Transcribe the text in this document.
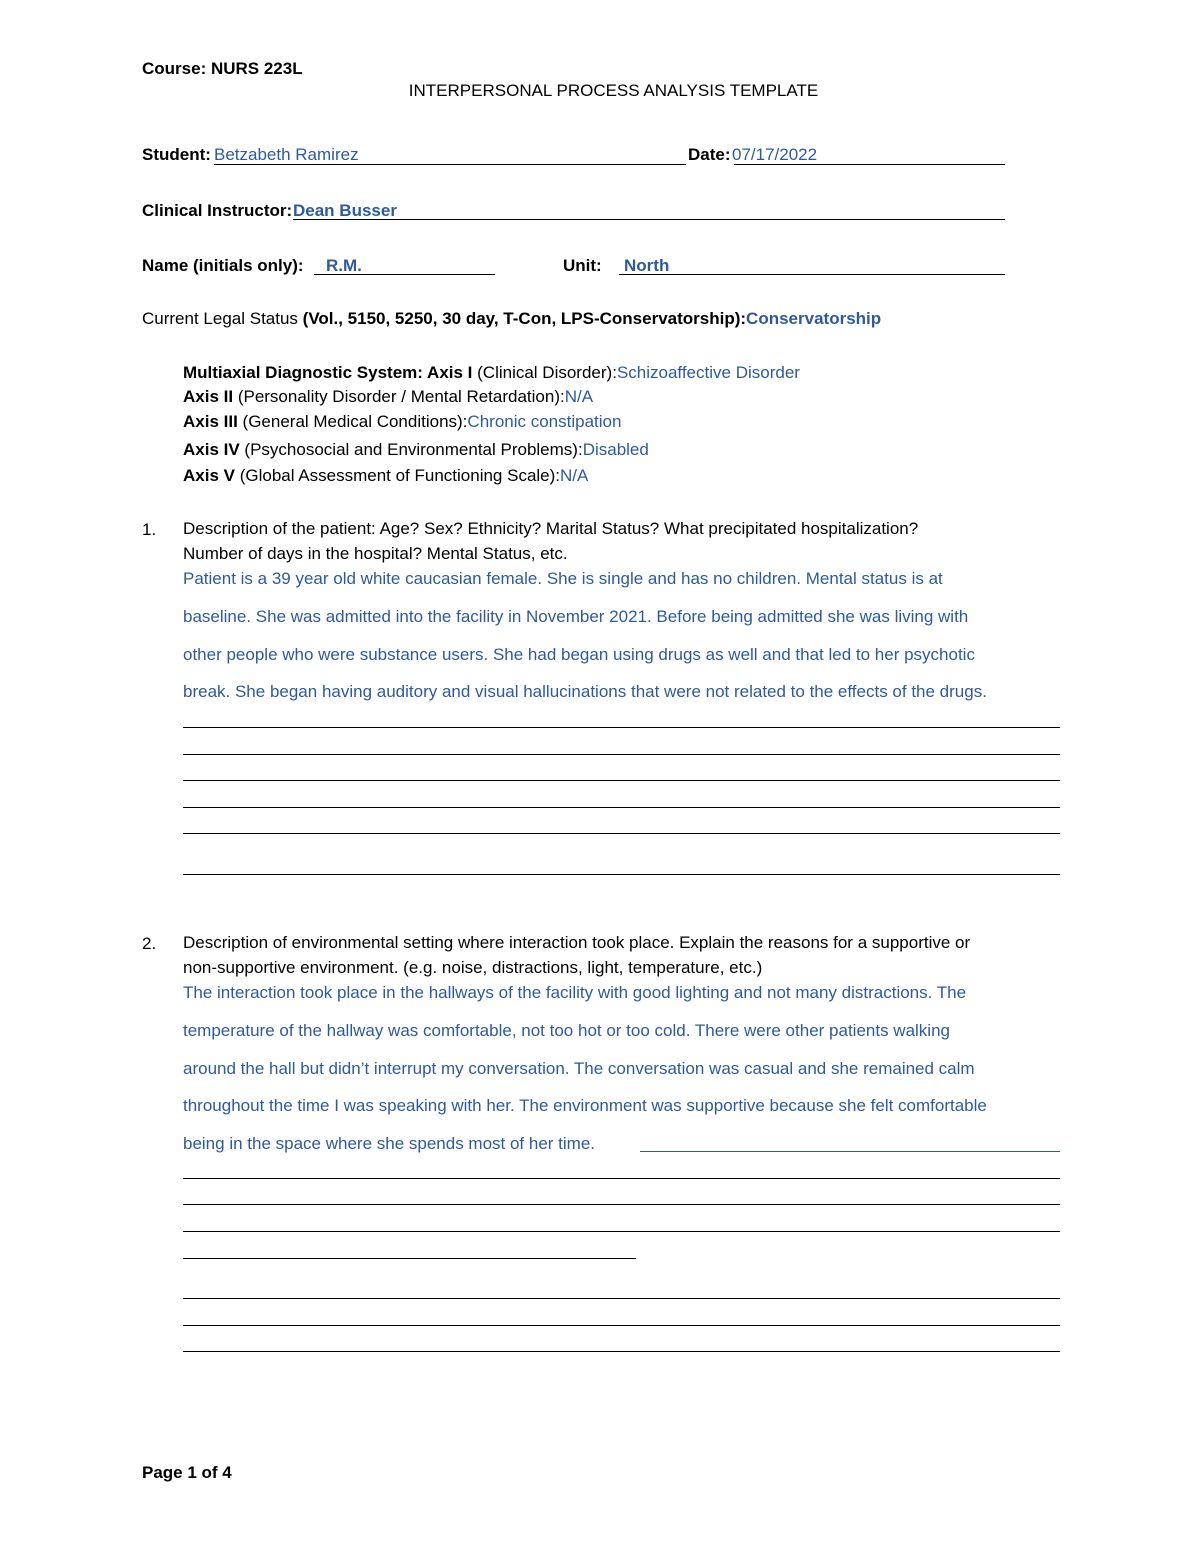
Course: NURS 223L
INTERPERSONAL PROCESS ANALYSIS TEMPLATE
Student: Betzabeth Ramirez	Date: 07/17/2022
Clinical Instructor: Dean Busser
Name (initials only): R.M.	Unit: North
Current Legal Status (Vol., 5150, 5250, 30 day, T-Con, LPS-Conservatorship):Conservatorship
Multiaxial Diagnostic System: Axis I (Clinical Disorder):Schizoaffective Disorder
Axis II (Personality Disorder / Mental Retardation):N/A
Axis III (General Medical Conditions):Chronic constipation
Axis IV (Psychosocial and Environmental Problems):Disabled
Axis V (Global Assessment of Functioning Scale):N/A
1. Description of the patient: Age? Sex? Ethnicity? Marital Status? What precipitated hospitalization?
Number of days in the hospital? Mental Status, etc.
Patient is a 39 year old white caucasian female. She is single and has no children. Mental status is at
baseline. She was admitted into the facility in November 2021. Before being admitted she was living with
other people who were substance users. She had began using drugs as well and that led to her psychotic
break. She began having auditory and visual hallucinations that were not related to the effects of the drugs.
2. Description of environmental setting where interaction took place. Explain the reasons for a supportive or
non-supportive environment. (e.g. noise, distractions, light, temperature, etc.)
The interaction took place in the hallways of the facility with good lighting and not many distractions. The
temperature of the hallway was comfortable, not too hot or too cold. There were other patients walking
around the hall but didn’t interrupt my conversation. The conversation was casual and she remained calm
throughout the time I was speaking with her. The environment was supportive because she felt comfortable
being in the space where she spends most of her time.
Page 1 of 4
